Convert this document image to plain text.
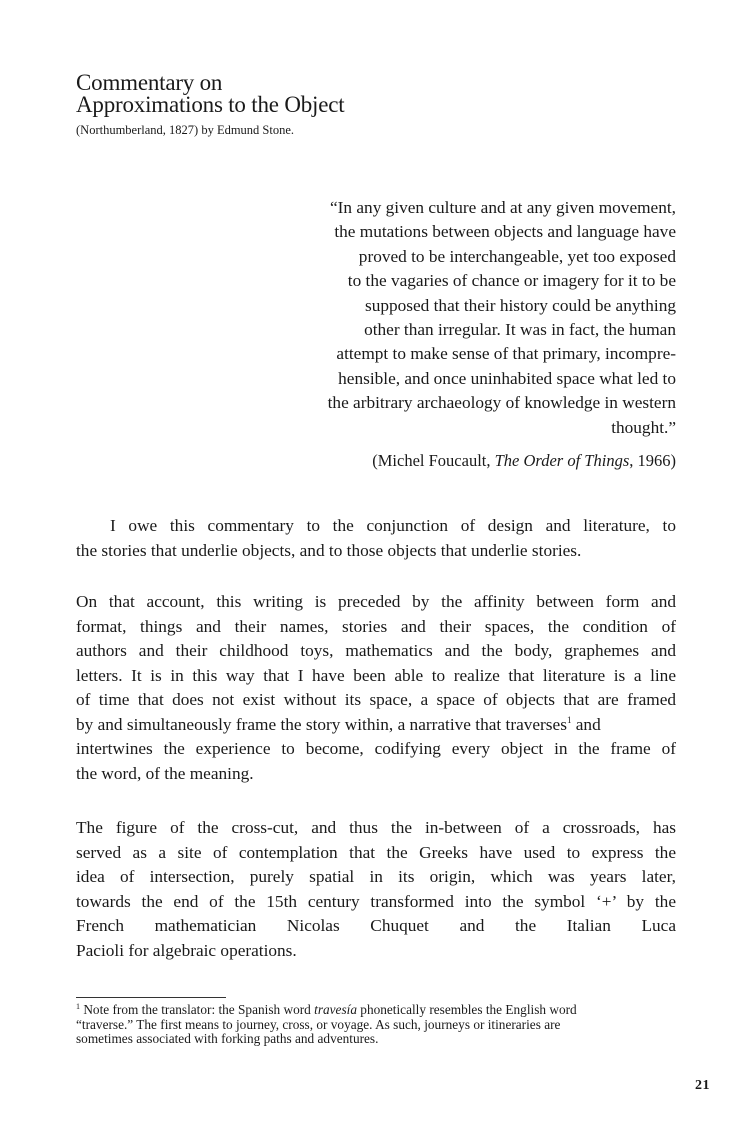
Commentary on
Approximations to the Object
(Northumberland, 1827) by Edmund Stone.
“In any given culture and at any given movement,
the mutations between objects and language have
proved to be interchangeable, yet too exposed
to the vagaries of chance or imagery for it to be
supposed that their history could be anything
other than irregular. It was in fact, the human
attempt to make sense of that primary, incompre-
hensible, and once uninhabited space what led to
the arbitrary archaeology of knowledge in western
thought.”
(Michel Foucault, The Order of Things, 1966)
I owe this commentary to the conjunction of design and literature, to
the stories that underlie objects, and to those objects that underlie stories.
On that account, this writing is preceded by the affinity between form and
format, things and their names, stories and their spaces, the condition of
authors and their childhood toys, mathematics and the body, graphemes and
letters. It is in this way that I have been able to realize that literature is a line
of time that does not exist without its space, a space of objects that are framed
by and simultaneously frame the story within, a narrative that traverses$^1$ and
intertwines the experience to become, codifying every object in the frame of
the word, of the meaning.
The figure of the cross-cut, and thus the in-between of a crossroads, has
served as a site of contemplation that the Greeks have used to express the
idea of intersection, purely spatial in its origin, which was years later,
towards the end of the 15th century transformed into the symbol ‘+’ by the
French mathematician Nicolas Chuquet and the Italian Luca
Pacioli for algebraic operations.
$^1$ Note from the translator: the Spanish word travesía phonetically resembles the English word
“traverse.” The first means to journey, cross, or voyage. As such, journeys or itineraries are
sometimes associated with forking paths and adventures.
21
